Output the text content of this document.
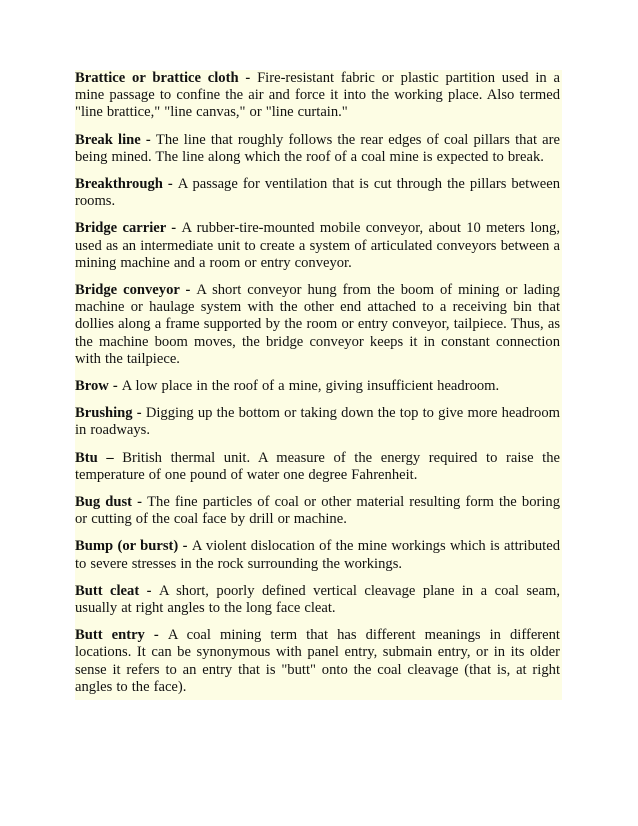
Brattice or brattice cloth - Fire-resistant fabric or plastic partition used in a mine passage to confine the air and force it into the working place. Also termed "line brattice," "line canvas," or "line curtain."

Break line - The line that roughly follows the rear edges of coal pillars that are being mined. The line along which the roof of a coal mine is expected to break.

Breakthrough - A passage for ventilation that is cut through the pillars between rooms.

Bridge carrier - A rubber-tire-mounted mobile conveyor, about 10 meters long, used as an intermediate unit to create a system of articulated conveyors between a mining machine and a room or entry conveyor.

Bridge conveyor - A short conveyor hung from the boom of mining or lading machine or haulage system with the other end attached to a receiving bin that dollies along a frame supported by the room or entry conveyor, tailpiece. Thus, as the machine boom moves, the bridge conveyor keeps it in constant connection with the tailpiece.

Brow - A low place in the roof of a mine, giving insufficient headroom.

Brushing - Digging up the bottom or taking down the top to give more headroom in roadways.

Btu – British thermal unit. A measure of the energy required to raise the temperature of one pound of water one degree Fahrenheit.

Bug dust - The fine particles of coal or other material resulting form the boring or cutting of the coal face by drill or machine.

Bump (or burst) - A violent dislocation of the mine workings which is attributed to severe stresses in the rock surrounding the workings.

Butt cleat - A short, poorly defined vertical cleavage plane in a coal seam, usually at right angles to the long face cleat.

Butt entry - A coal mining term that has different meanings in different locations. It can be synonymous with panel entry, submain entry, or in its older sense it refers to an entry that is "butt" onto the coal cleavage (that is, at right angles to the face).
